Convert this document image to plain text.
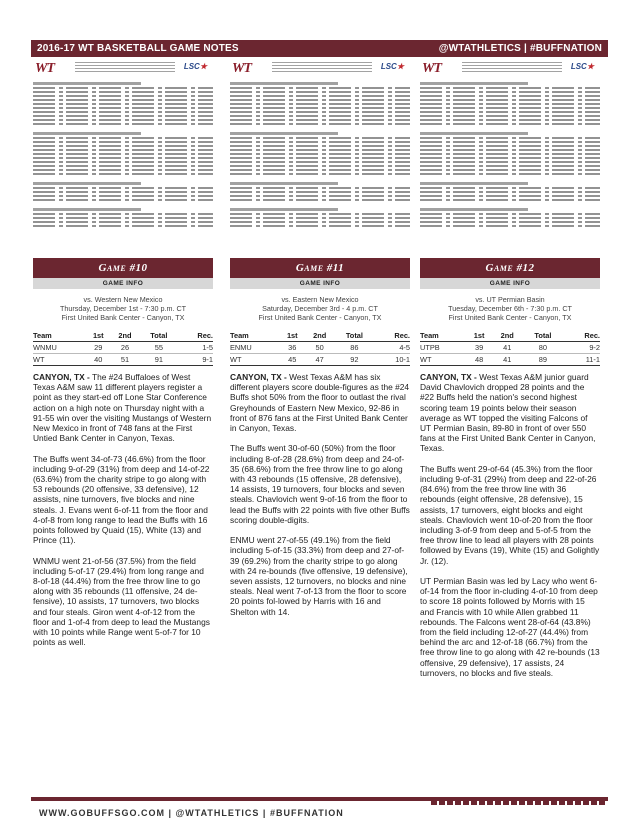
2016-17 WT BASKETBALL GAME NOTES	@WTATHLETICS | #BUFFNATION
WT	LSC★
Game #10
GAME INFO
vs. Western New Mexico
Thursday, December 1st - 7:30 p.m. CT
First United Bank Center - Canyon, TX
Team	1st	2nd	Total	Rec.
WNMU	29	26	55	1-5
WT	40	51	91	9-1

CANYON, TX - The #24 Buffaloes of West Texas A&M saw 11 different players register a point as they start-ed off Lone Star Conference action on a high note on Thursday night with a 91-55 win over the visiting Mustangs of Western New Mexico in front of 748 fans at the First Untied Bank Center in Canyon, Texas.

The Buffs went 34-of-73 (46.6%) from the floor including 9-of-29 (31%) from deep and 14-of-22 (63.6%) from the charity stripe to go along with 53 rebounds (20 offensive, 33 defensive), 12 assists, nine turnovers, five blocks and nine steals. J. Evans went 6-of-11 from the floor and 4-of-8 from long range to lead the Buffs with 16 points followed by Quaid (15), White (13) and Prince (11).

WNMU went 21-of-56 (37.5%) from the field including 5-of-17 (29.4%) from long range and 8-of-18 (44.4%) from the free throw line to go along with 35 rebounds (11 offensive, 24 de-fensive), 10 assists, 17 turnovers, two blocks and four steals. Giron went 4-of-12 from the floor and 1-of-4 from deep to lead the Mustangs with 10 points while Range went 5-of-7 for 10 points as well.

WT	LSC★
Game #11
GAME INFO
vs. Eastern New Mexico
Saturday, December 3rd - 4 p.m. CT
First United Bank Center - Canyon, TX
Team	1st	2nd	Total	Rec.
ENMU	36	50	86	4-5
WT	45	47	92	10-1

CANYON, TX - West Texas A&M has six different players score double-figures as the #24 Buffs shot 50% from the floor to outlast the rival Greyhounds of Eastern New Mexico, 92-86 in front of 876 fans at the First United Bank Center in Canyon, Texas.

The Buffs went 30-of-60 (50%) from the floor including 8-of-28 (28.6%) from deep and 24-of-35 (68.6%) from the free throw line to go along with 43 rebounds (15 offensive, 28 defensive), 14 assists, 19 turnovers, four blocks and seven steals. Chavlovich went 9-of-16 from the floor to lead the Buffs with 22 points with five other Buffs scoring double-digits.

ENMU went 27-of-55 (49.1%) from the field including 5-of-15 (33.3%) from deep and 27-of-39 (69.2%) from the charity stripe to go along with 24 re-bounds (five offensive, 19 defensive), seven assists, 12 turnovers, no blocks and nine steals. Neal went 7-of-13 from the floor to score 20 points fol-lowed by Harris with 16 and Shelton with 14.

WT	LSC★
Game #12
GAME INFO
vs. UT Permian Basin
Tuesday, December 6th - 7:30 p.m. CT
First United Bank Center - Canyon, TX
Team	1st	2nd	Total	Rec.
UTPB	39	41	80	9-2
WT	48	41	89	11-1

CANYON, TX - West Texas A&M junior guard David Chavlovich dropped 28 points and the #22 Buffs held the nation's second highest scoring team 19 points below their season average as WT topped the visiting Falcons of UT Permian Basin, 89-80 in front of over 550 fans at the First United Bank Center in Canyon, Texas.

The Buffs went 29-of-64 (45.3%) from the floor including 9-of-31 (29%) from deep and 22-of-26 (84.6%) from the free throw line with 36 rebounds (eight offensive, 28 defensive), 15 assists, 17 turnovers, eight blocks and eight steals. Chavlovich went 10-of-20 from the floor including 3-of-9 from deep and 5-of-5 from the free throw line to lead all players with 28 points followed by Evans (19), White (15) and Golightly Jr. (12).

UT Permian Basin was led by Lacy who went 6-of-14 from the floor in-cluding 4-of-10 from deep to score 18 points followed by Morris with 15 and Francis with 10 while Allen grabbed 11 rebounds. The Falcons went 28-of-64 (43.8%) from the field including 12-of-27 (44.4%) from behind the arc and 12-of-18 (66.7%) from the free throw line to go along with 42 re-bounds (13 offensive, 29 defensive), 17 assists, 24 turnovers, no blocks and five steals.

WWW.GOBUFFSGO.COM | @WTATHLETICS | #BUFFNATION
